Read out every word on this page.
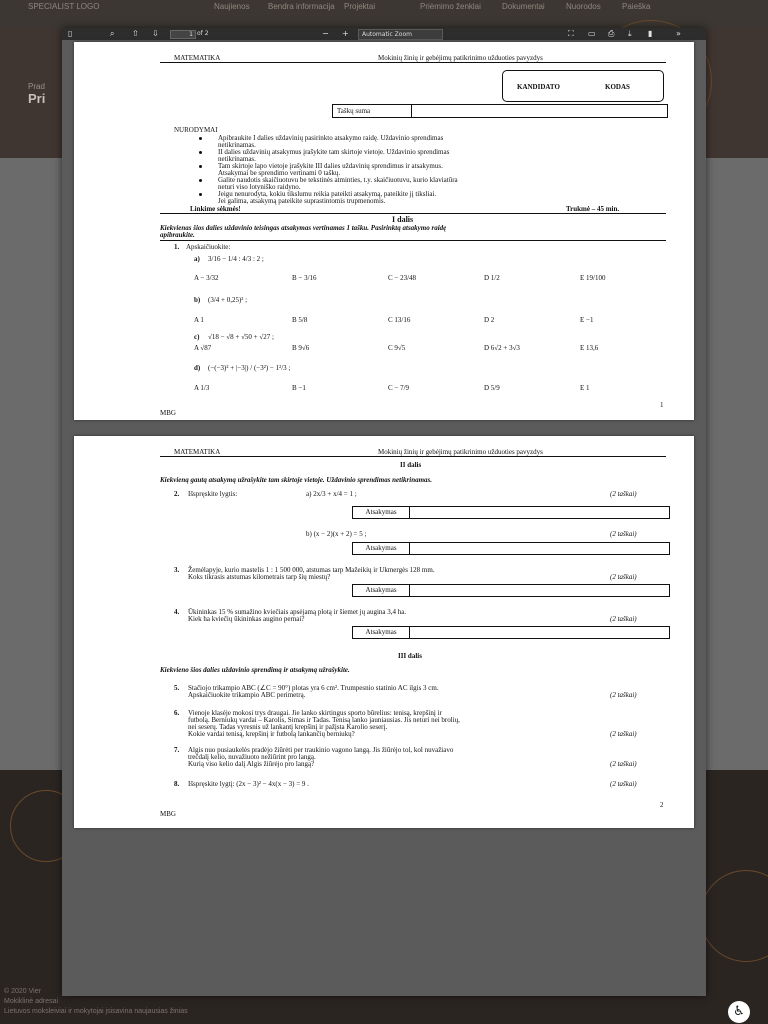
SPECIALIST LOGO	Naujienos Bendra informacija Projektai	Priėmimo ženklai	Dokumentai	Nuorodos	Paieška
Prad
Pri
© 2020 Vier
Mokiklinė adresai
Lietuvos moksleiviai ir mokytojai įsisavina naujausias žinias	♿
▯	⌕ ⇧ ⇩	1 of 2	− +	Automatic Zoom	⛶ ▭ ⎙ ⤓ ▮	»
MATEMATIKA	Mokinių žinių ir gebėjimų patikrinimo užduoties pavyzdys
KANDIDATO	KODAS
Taškų suma
NURODYMAI
Apibraukite I dalies uždavinių pasirinkto atsakymo raidę. Uždavinio sprendimas
netikrinamas.
II dalies uždavinių atsakymus įrašykite tam skirtoje vietoje. Uždavinio sprendimas
netikrinamas.
Tam skirtoje lapo vietoje įrašykite III dalies uždavinių sprendimus ir atsakymus.
Atsakymai be sprendimo vertinami 0 taškų.
Galite naudotis skaičiuotuvu be tekstinės atminties, t.y. skaičiuotuvu, kurio klaviatūra
neturi viso lotyniško raidyno.
Jeigu nenurodyta, kokiu tikslumu reikia pateikti atsakymą, pateikite jį tiksliai.
Jei galima, atsakymą pateikite suprastintomis trupmenomis.
Linkime sėkmės!	Trukmė – 45 min.
I dalis
Kiekvienas šios dalies uždavinio teisingas atsakymas vertinamas 1 tašku. Pasirinktą atsakymo raidę
apibraukite.
1. Apskaičiuokite:
a) 3/16 − 1/4 : 4/3 : 2 ;
A − 3/32	B − 3/16	C − 23/48	D 1/2	E 19/100
b) (3/4 + 0,25)² ;
A 1	B 5/8	C 13/16	D 2	E −1
c) √18 − √8 + √50 + √27 ;
A √87	B 9√6	C 9√5	D 6√2 + 3√3	E 13,6
d) (−(−3)² + |−3|) / (−3²) − 1²/3 ;
A 1/3	B −1	C − 7/9	D 5/9	E 1
MBG
1
MATEMATIKA	Mokinių žinių ir gebėjimų patikrinimo užduoties pavyzdys
II dalis
Kiekvieną gautą atsakymą užrašykite tam skirtoje vietoje. Uždavinio sprendimas netikrinamas.
2. Išspręskite lygtis:	a) 2x/3 + x/4 = 1 ;	(2 taškai)
Atsakymas
b) (x − 2)(x + 2) = 5 ;	(2 taškai)
Atsakymas
3. Žemėlapyje, kurio mastelis 1 : 1 500 000, atstumas tarp Mažeikių ir Ukmergės 128 mm.
Koks tikrasis atstumas kilometrais tarp šių miestų?	(2 taškai)
Atsakymas
4. Ūkininkas 15 % sumažino kviečiais apsėjamą plotą ir šiemet jų augina 3,4 ha.
Kiek ha kviečių ūkininkas augino pernai?	(2 taškai)
Atsakymas
III dalis
Kiekvieno šios dalies uždavinio sprendimą ir atsakymą užrašykite.
5. Stačiojo trikampio ABC (∠C = 90°) plotas yra 6 cm². Trumpesnio statinio AC ilgis 3 cm.
Apskaičiuokite trikampio ABC perimetrą.	(2 taškai)
6. Vienoje klasėje mokosi trys draugai. Jie lanko skirtingus sporto būrelius: tenisą, krepšinį ir
futbolą. Berniukų vardai – Karolis, Simas ir Tadas. Tenisą lanko jauniausias. Jis neturi nei brolių,
nei seserų. Tadas vyresnis už lankantį krepšinį ir pažįsta Karolio seserį.
Kokie vardai tenisą, krepšinį ir futbolą lankančių berniukų?	(2 taškai)
7. Algis nuo pusiaukelės pradėjo žiūrėti per traukinio vagono langą. Jis žiūrėjo tol, kol nuvažiavo
trečdalį kelio, nuvažiuoto nežiūrint pro langą.
Kurią viso kelio dalį Algis žiūrėjo pro langą?	(2 taškai)
8. Išspręskite lygtį: (2x − 3)² − 4x(x − 3) = 9 .	(2 taškai)
2
MBG
